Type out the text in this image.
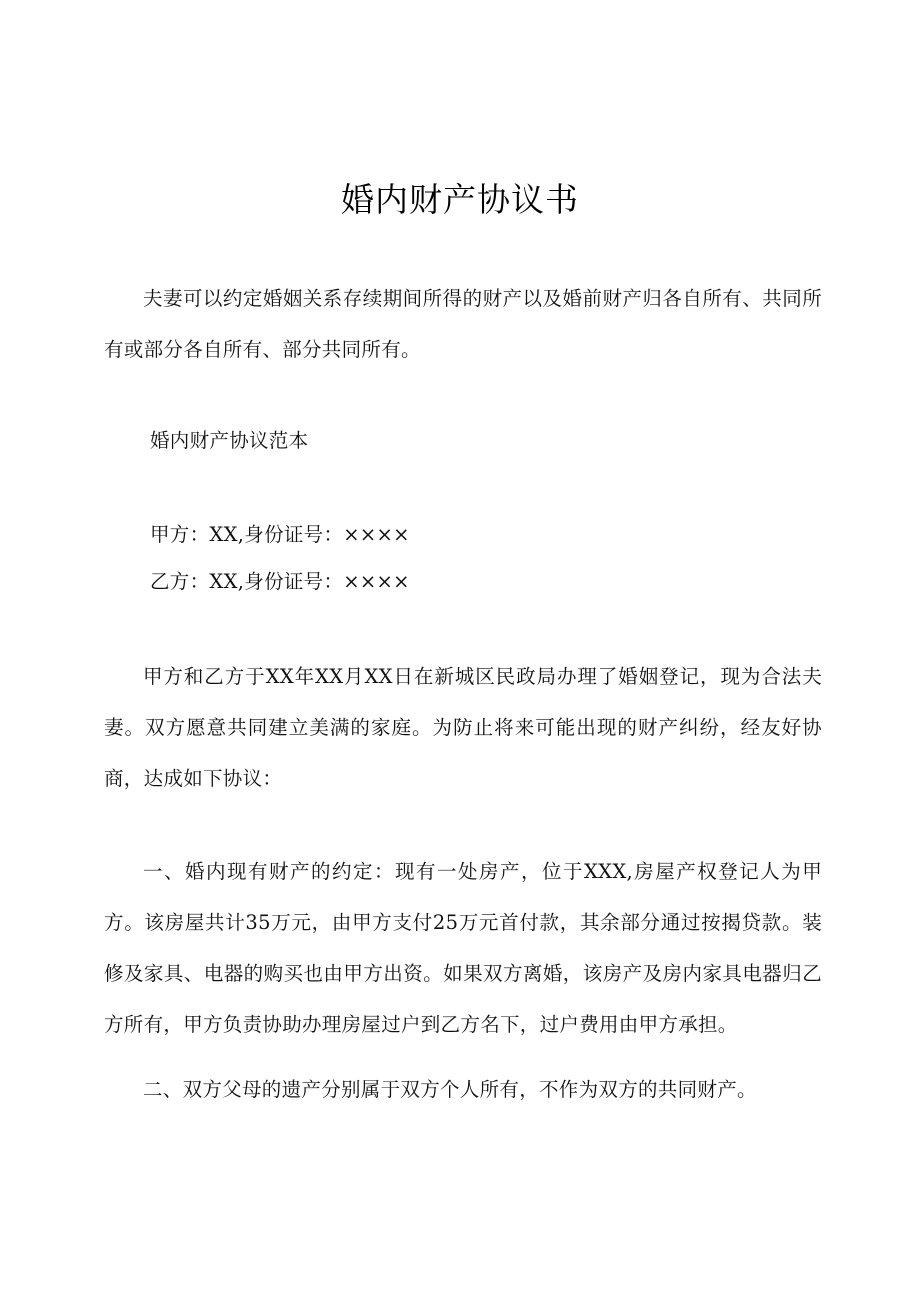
婚内财产协议书

夫妻可以约定婚姻关系存续期间所得的财产以及婚前财产归各自所有、共同所有或部分各自所有、部分共同所有。

婚内财产协议范本

甲方：XX,身份证号：××××

乙方：XX,身份证号：××××

甲方和乙方于XX年XX月XX日在新城区民政局办理了婚姻登记，现为合法夫妻。双方愿意共同建立美满的家庭。为防止将来可能出现的财产纠纷，经友好协商，达成如下协议：

一、婚内现有财产的约定：现有一处房产，位于XXX,房屋产权登记人为甲方。该房屋共计35万元，由甲方支付25万元首付款，其余部分通过按揭贷款。装修及家具、电器的购买也由甲方出资。如果双方离婚，该房产及房内家具电器归乙方所有，甲方负责协助办理房屋过户到乙方名下，过户费用由甲方承担。

二、双方父母的遗产分别属于双方个人所有，不作为双方的共同财产。
